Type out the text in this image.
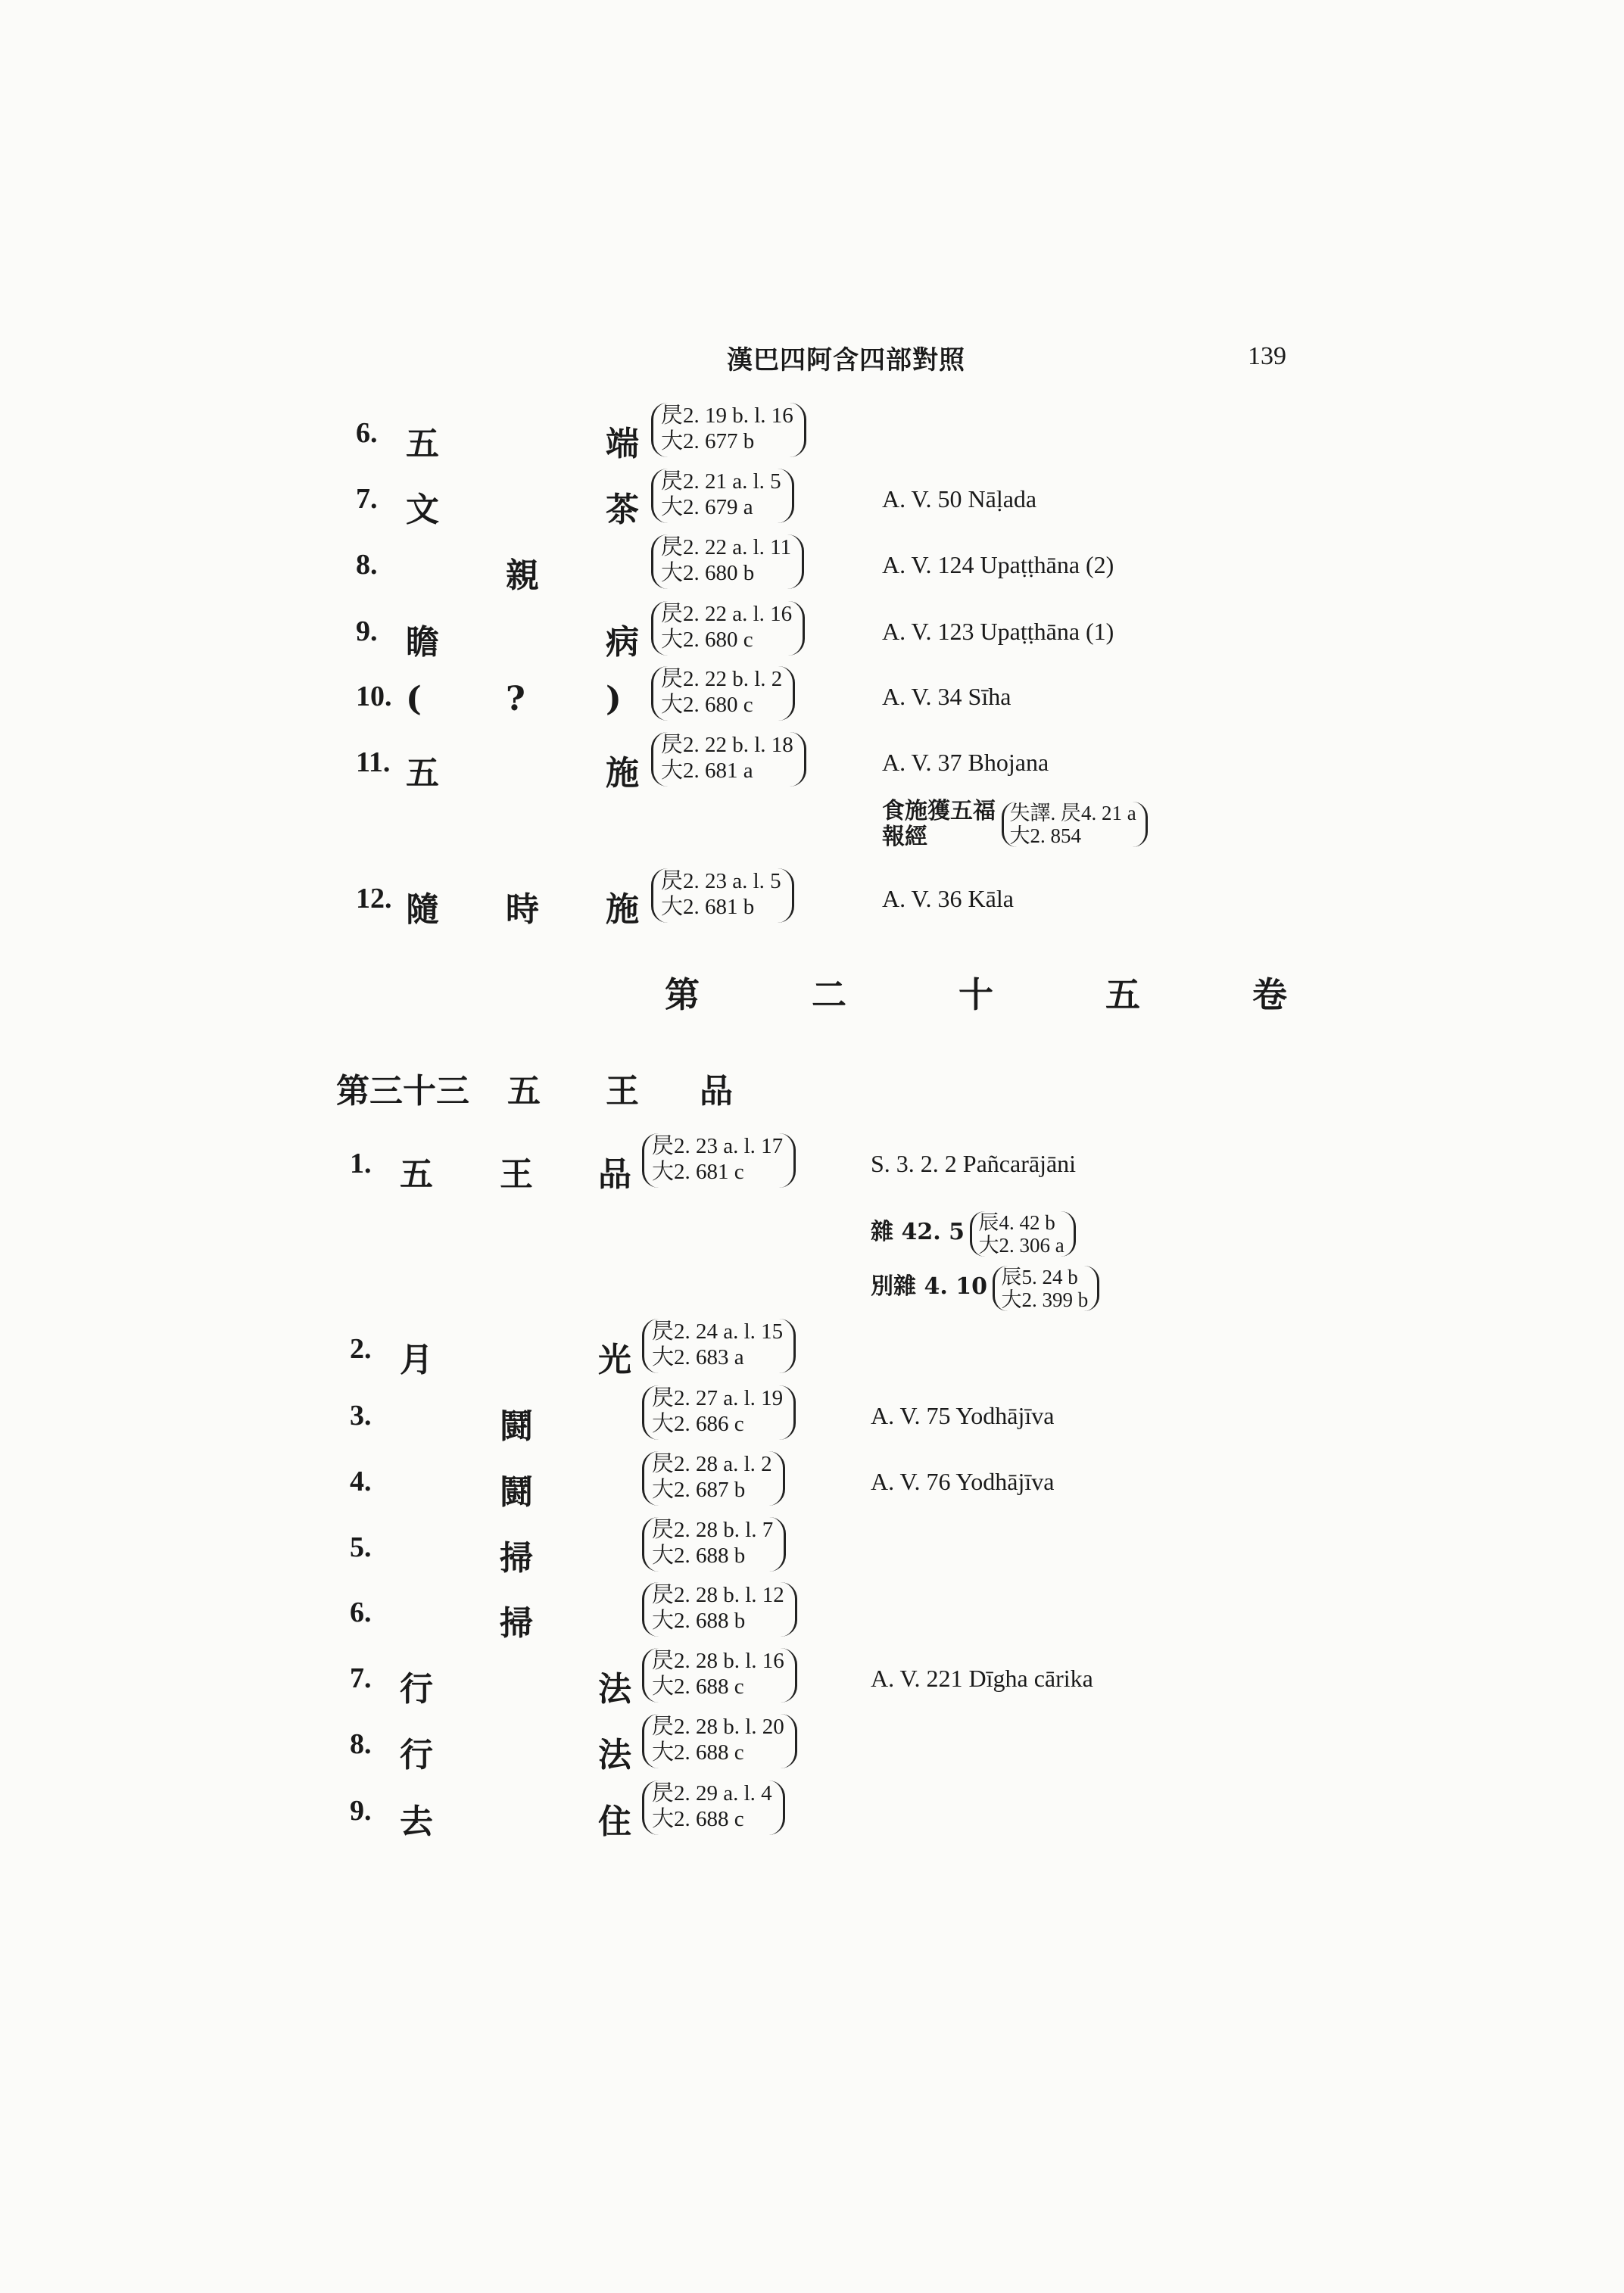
漢巴四阿含四部對照	139
6. 五	端
昃2. 19 b. l. 16
大2. 677 b
7. 文	茶
昃2. 21 a. l. 5
大2. 679 a	A. V. 50 Nāḷada
8.	親
昃2. 22 a. l. 11
大2. 680 b	A. V. 124 Upaṭṭhāna (2)
9. 瞻	病
昃2. 22 a. l. 16
大2. 680 c	A. V. 123 Upaṭṭhāna (1)
10. (	? )
昃2. 22 b. l. 2
大2. 680 c	A. V. 34 Sīha
11. 五	施
昃2. 22 b. l. 18
大2. 681 a	A. V. 37 Bhojana
12. 隨 時 施
昃2. 23 a. l. 5
大2. 681 b	A. V. 36 Kāla
食施獲五福
報經 失譯. 昃4. 21 a
大2. 854
第 二 十 五 卷
第三十三 五 王 品
1. 五 王 品
昃2. 23 a. l. 17
大2. 681 c	S. 3. 2. 2 Pañcarājāni
2. 月	光
昃2. 24 a. l. 15
大2. 683 a
3.	鬪
昃2. 27 a. l. 19
大2. 686 c	A. V. 75 Yodhājīva
4.	鬪
昃2. 28 a. l. 2
大2. 687 b	A. V. 76 Yodhājīva
5.	掃
昃2. 28 b. l. 7
大2. 688 b
6.	掃
昃2. 28 b. l. 12
大2. 688 b
7. 行	法
昃2. 28 b. l. 16
大2. 688 c	A. V. 221 Dīgha cārika
8. 行	法
昃2. 28 b. l. 20
大2. 688 c
9. 去	住
昃2. 29 a. l. 4
大2. 688 c
雜 42. 5 辰4. 42 b
大2. 306 a
別雜 4. 10 辰5. 24 b
大2. 399 b
